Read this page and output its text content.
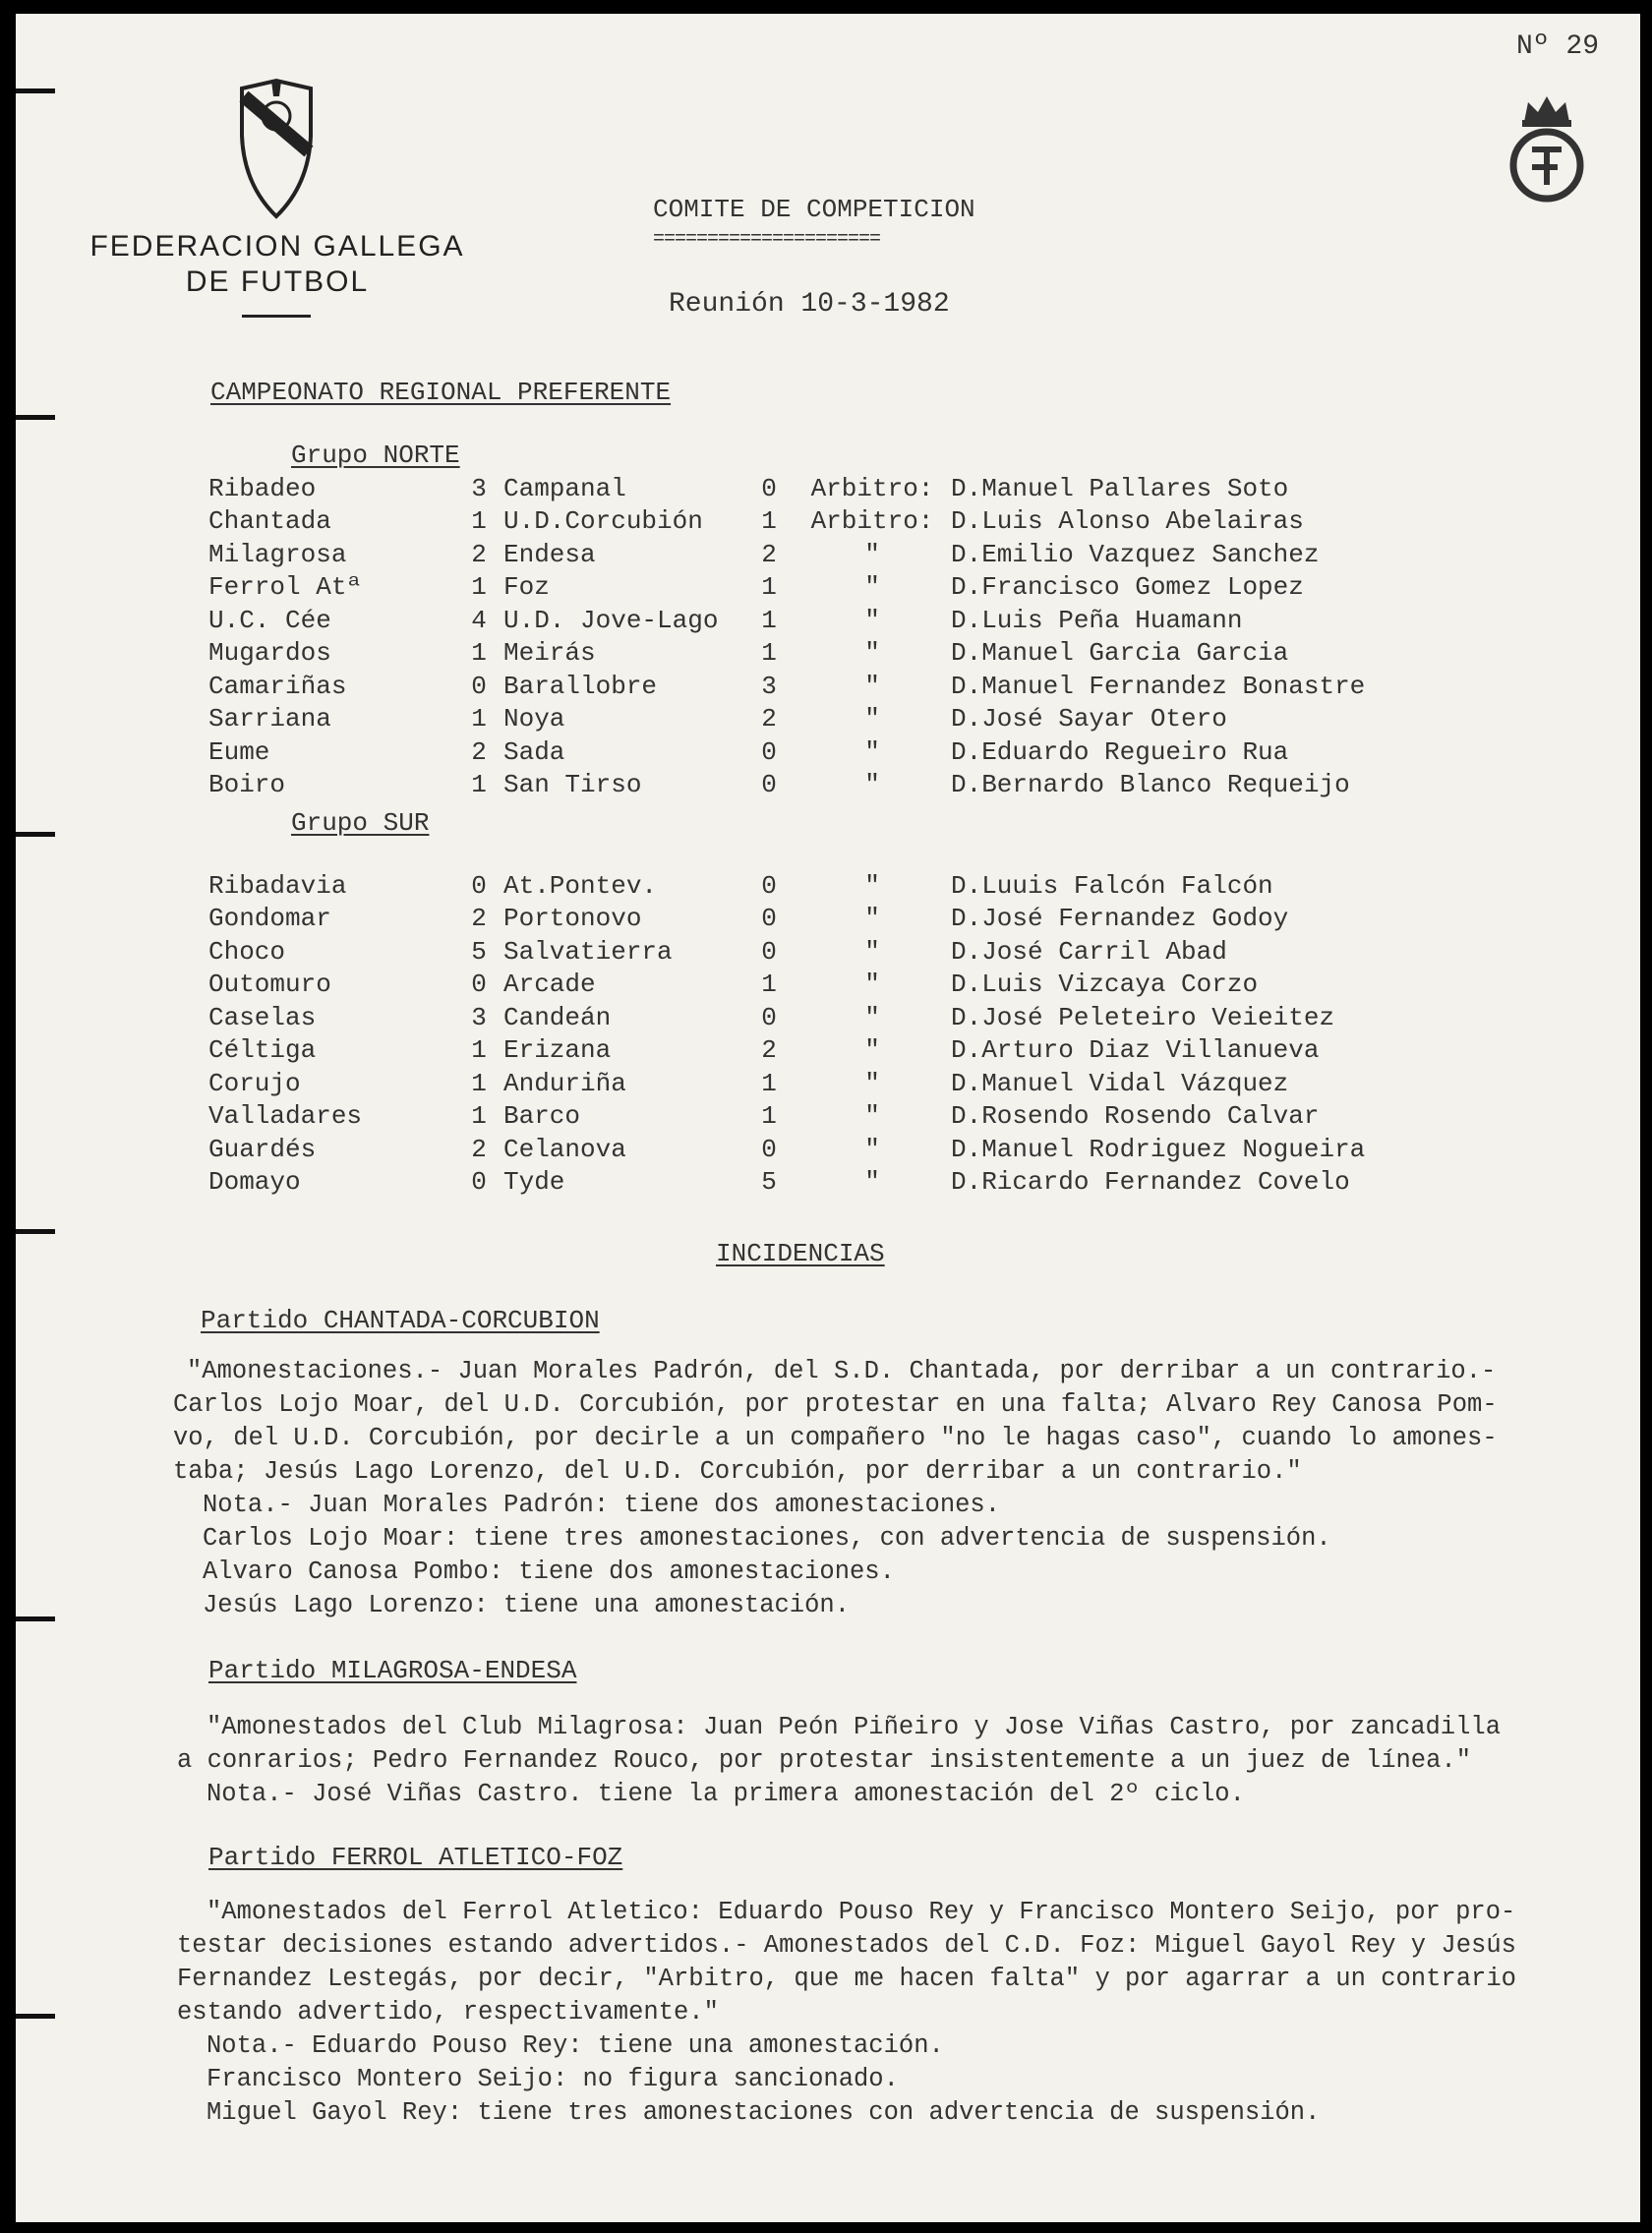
Nº 29
FEDERACION GALLEGA
DE FUTBOL
COMITE DE COMPETICION
=====================
Reunión 10-3-1982
CAMPEONATO REGIONAL PREFERENTE
Grupo NORTE
Ribadeo	3	Campanal	0	Arbitro:	D.Manuel Pallares Soto
Chantada	1	U.D.Corcubión	1	Arbitro:	D.Luis Alonso Abelairas
Milagrosa	2	Endesa	2	"	D.Emilio Vazquez Sanchez
Ferrol Atª	1	Foz	1	"	D.Francisco Gomez Lopez
U.C. Cée	4	U.D. Jove-Lago	1	"	D.Luis Peña Huamann
Mugardos	1	Meirás	1	"	D.Manuel Garcia Garcia
Camariñas	0	Barallobre	3	"	D.Manuel Fernandez Bonastre
Sarriana	1	Noya	2	"	D.José Sayar Otero
Eume	2	Sada	0	"	D.Eduardo Regueiro Rua
Boiro	1	San Tirso	0	"	D.Bernardo Blanco Requeijo
Grupo SUR
Ribadavia	0	At.Pontev.	0	"	D.Luuis Falcón Falcón
Gondomar	2	Portonovo	0	"	D.José Fernandez Godoy
Choco	5	Salvatierra	0	"	D.José Carril Abad
Outomuro	0	Arcade	1	"	D.Luis Vizcaya Corzo
Caselas	3	Candeán	0	"	D.José Peleteiro Veieitez
Céltiga	1	Erizana	2	"	D.Arturo Diaz Villanueva
Corujo	1	Anduriña	1	"	D.Manuel Vidal Vázquez
Valladares	1	Barco	1	"	D.Rosendo Rosendo Calvar
Guardés	2	Celanova	0	"	D.Manuel Rodriguez Nogueira
Domayo	0	Tyde	5	"	D.Ricardo Fernandez Covelo
INCIDENCIAS
Partido CHANTADA-CORCUBION
"Amonestaciones.- Juan Morales Padrón, del S.D. Chantada, por derribar a un contrario.-
Carlos Lojo Moar, del U.D. Corcubión, por protestar en una falta; Alvaro Rey Canosa Pom-
vo, del U.D. Corcubión, por decirle a un compañero "no le hagas caso", cuando lo amones-
taba; Jesús Lago Lorenzo, del U.D. Corcubión, por derribar a un contrario."
Nota.- Juan Morales Padrón: tiene dos amonestaciones.
Carlos Lojo Moar: tiene tres amonestaciones, con advertencia de suspensión.
Alvaro Canosa Pombo: tiene dos amonestaciones.
Jesús Lago Lorenzo: tiene una amonestación.
Partido MILAGROSA-ENDESA
"Amonestados del Club Milagrosa: Juan Peón Piñeiro y Jose Viñas Castro, por zancadilla
a conrarios; Pedro Fernandez Rouco, por protestar insistentemente a un juez de línea."
Nota.- José Viñas Castro. tiene la primera amonestación del 2º ciclo.
Partido FERROL ATLETICO-FOZ
"Amonestados del Ferrol Atletico: Eduardo Pouso Rey y Francisco Montero Seijo, por pro-
testar decisiones estando advertidos.- Amonestados del C.D. Foz: Miguel Gayol Rey y Jesús
Fernandez Lestegás, por decir, "Arbitro, que me hacen falta" y por agarrar a un contrario
estando advertido, respectivamente."
Nota.- Eduardo Pouso Rey: tiene una amonestación.
Francisco Montero Seijo: no figura sancionado.
Miguel Gayol Rey: tiene tres amonestaciones con advertencia de suspensión.
